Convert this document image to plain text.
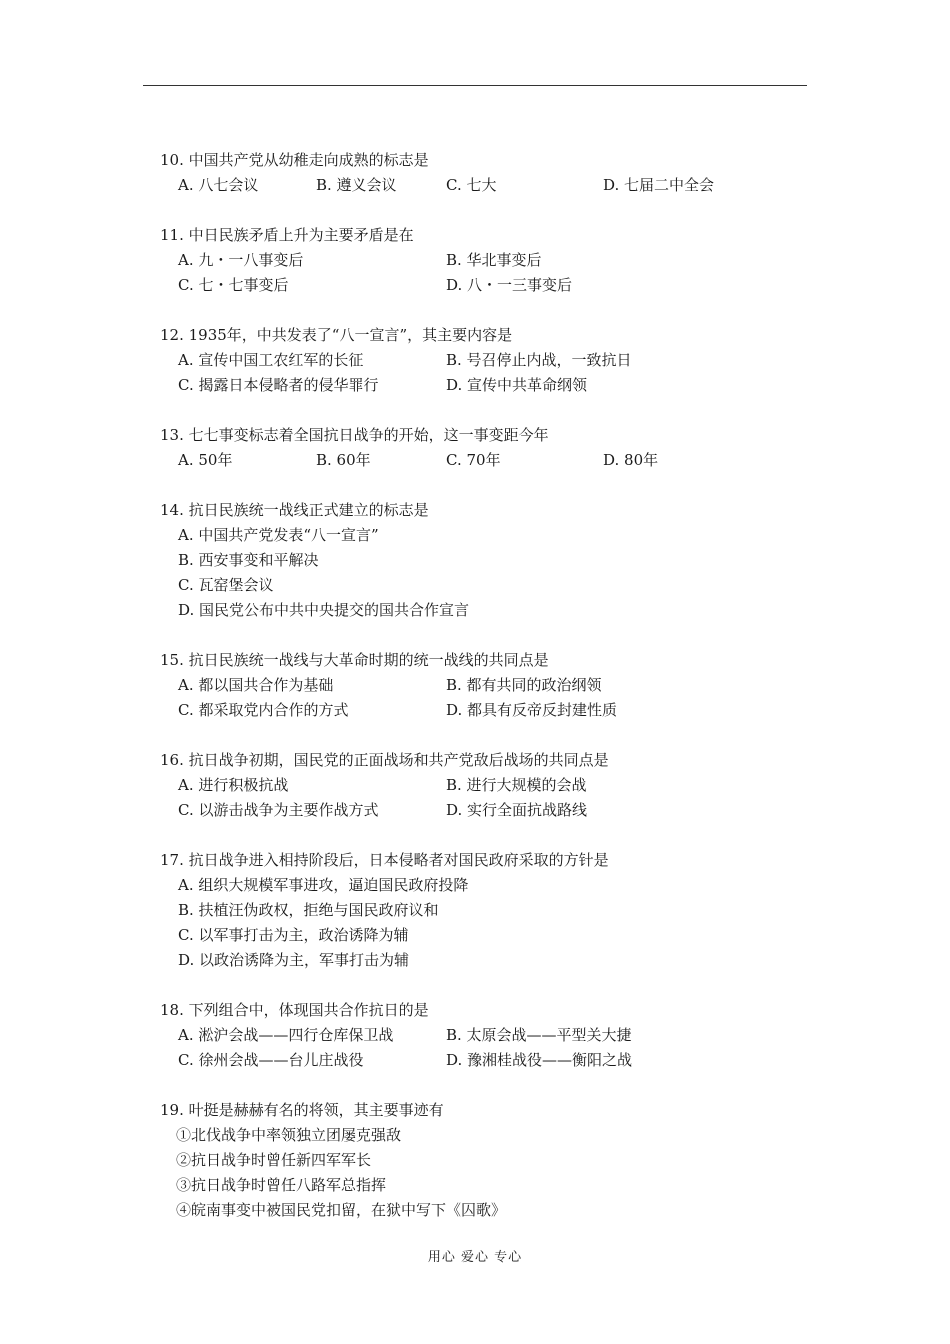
10. 中国共产党从幼稚走向成熟的标志是
A. 八七会议	B. 遵义会议	C. 七大	D. 七届二中全会
11. 中日民族矛盾上升为主要矛盾是在
A. 九・一八事变后	B. 华北事变后
C. 七・七事变后	D. 八・一三事变后
12. 1935年，中共发表了“八一宣言”，其主要内容是
A. 宣传中国工农红军的长征	B. 号召停止内战，一致抗日
C. 揭露日本侵略者的侵华罪行	D. 宣传中共革命纲领
13. 七七事变标志着全国抗日战争的开始，这一事变距今年
A. 50年	B. 60年	C. 70年	D. 80年
14. 抗日民族统一战线正式建立的标志是
A. 中国共产党发表“八一宣言”
B. 西安事变和平解决
C. 瓦窑堡会议
D. 国民党公布中共中央提交的国共合作宣言
15. 抗日民族统一战线与大革命时期的统一战线的共同点是
A. 都以国共合作为基础	B. 都有共同的政治纲领
C. 都采取党内合作的方式	D. 都具有反帝反封建性质
16. 抗日战争初期，国民党的正面战场和共产党敌后战场的共同点是
A. 进行积极抗战	B. 进行大规模的会战
C. 以游击战争为主要作战方式	D. 实行全面抗战路线
17. 抗日战争进入相持阶段后，日本侵略者对国民政府采取的方针是
A. 组织大规模军事进攻，逼迫国民政府投降
B. 扶植汪伪政权，拒绝与国民政府议和
C. 以军事打击为主，政治诱降为辅
D. 以政治诱降为主，军事打击为辅
18. 下列组合中，体现国共合作抗日的是
A. 淞沪会战——四行仓库保卫战	B. 太原会战——平型关大捷
C. 徐州会战——台儿庄战役	D. 豫湘桂战役——衡阳之战
19. 叶挺是赫赫有名的将领，其主要事迹有
①北伐战争中率领独立团屡克强敌
②抗日战争时曾任新四军军长
③抗日战争时曾任八路军总指挥
④皖南事变中被国民党扣留，在狱中写下《囚歌》
用心 爱心 专心
